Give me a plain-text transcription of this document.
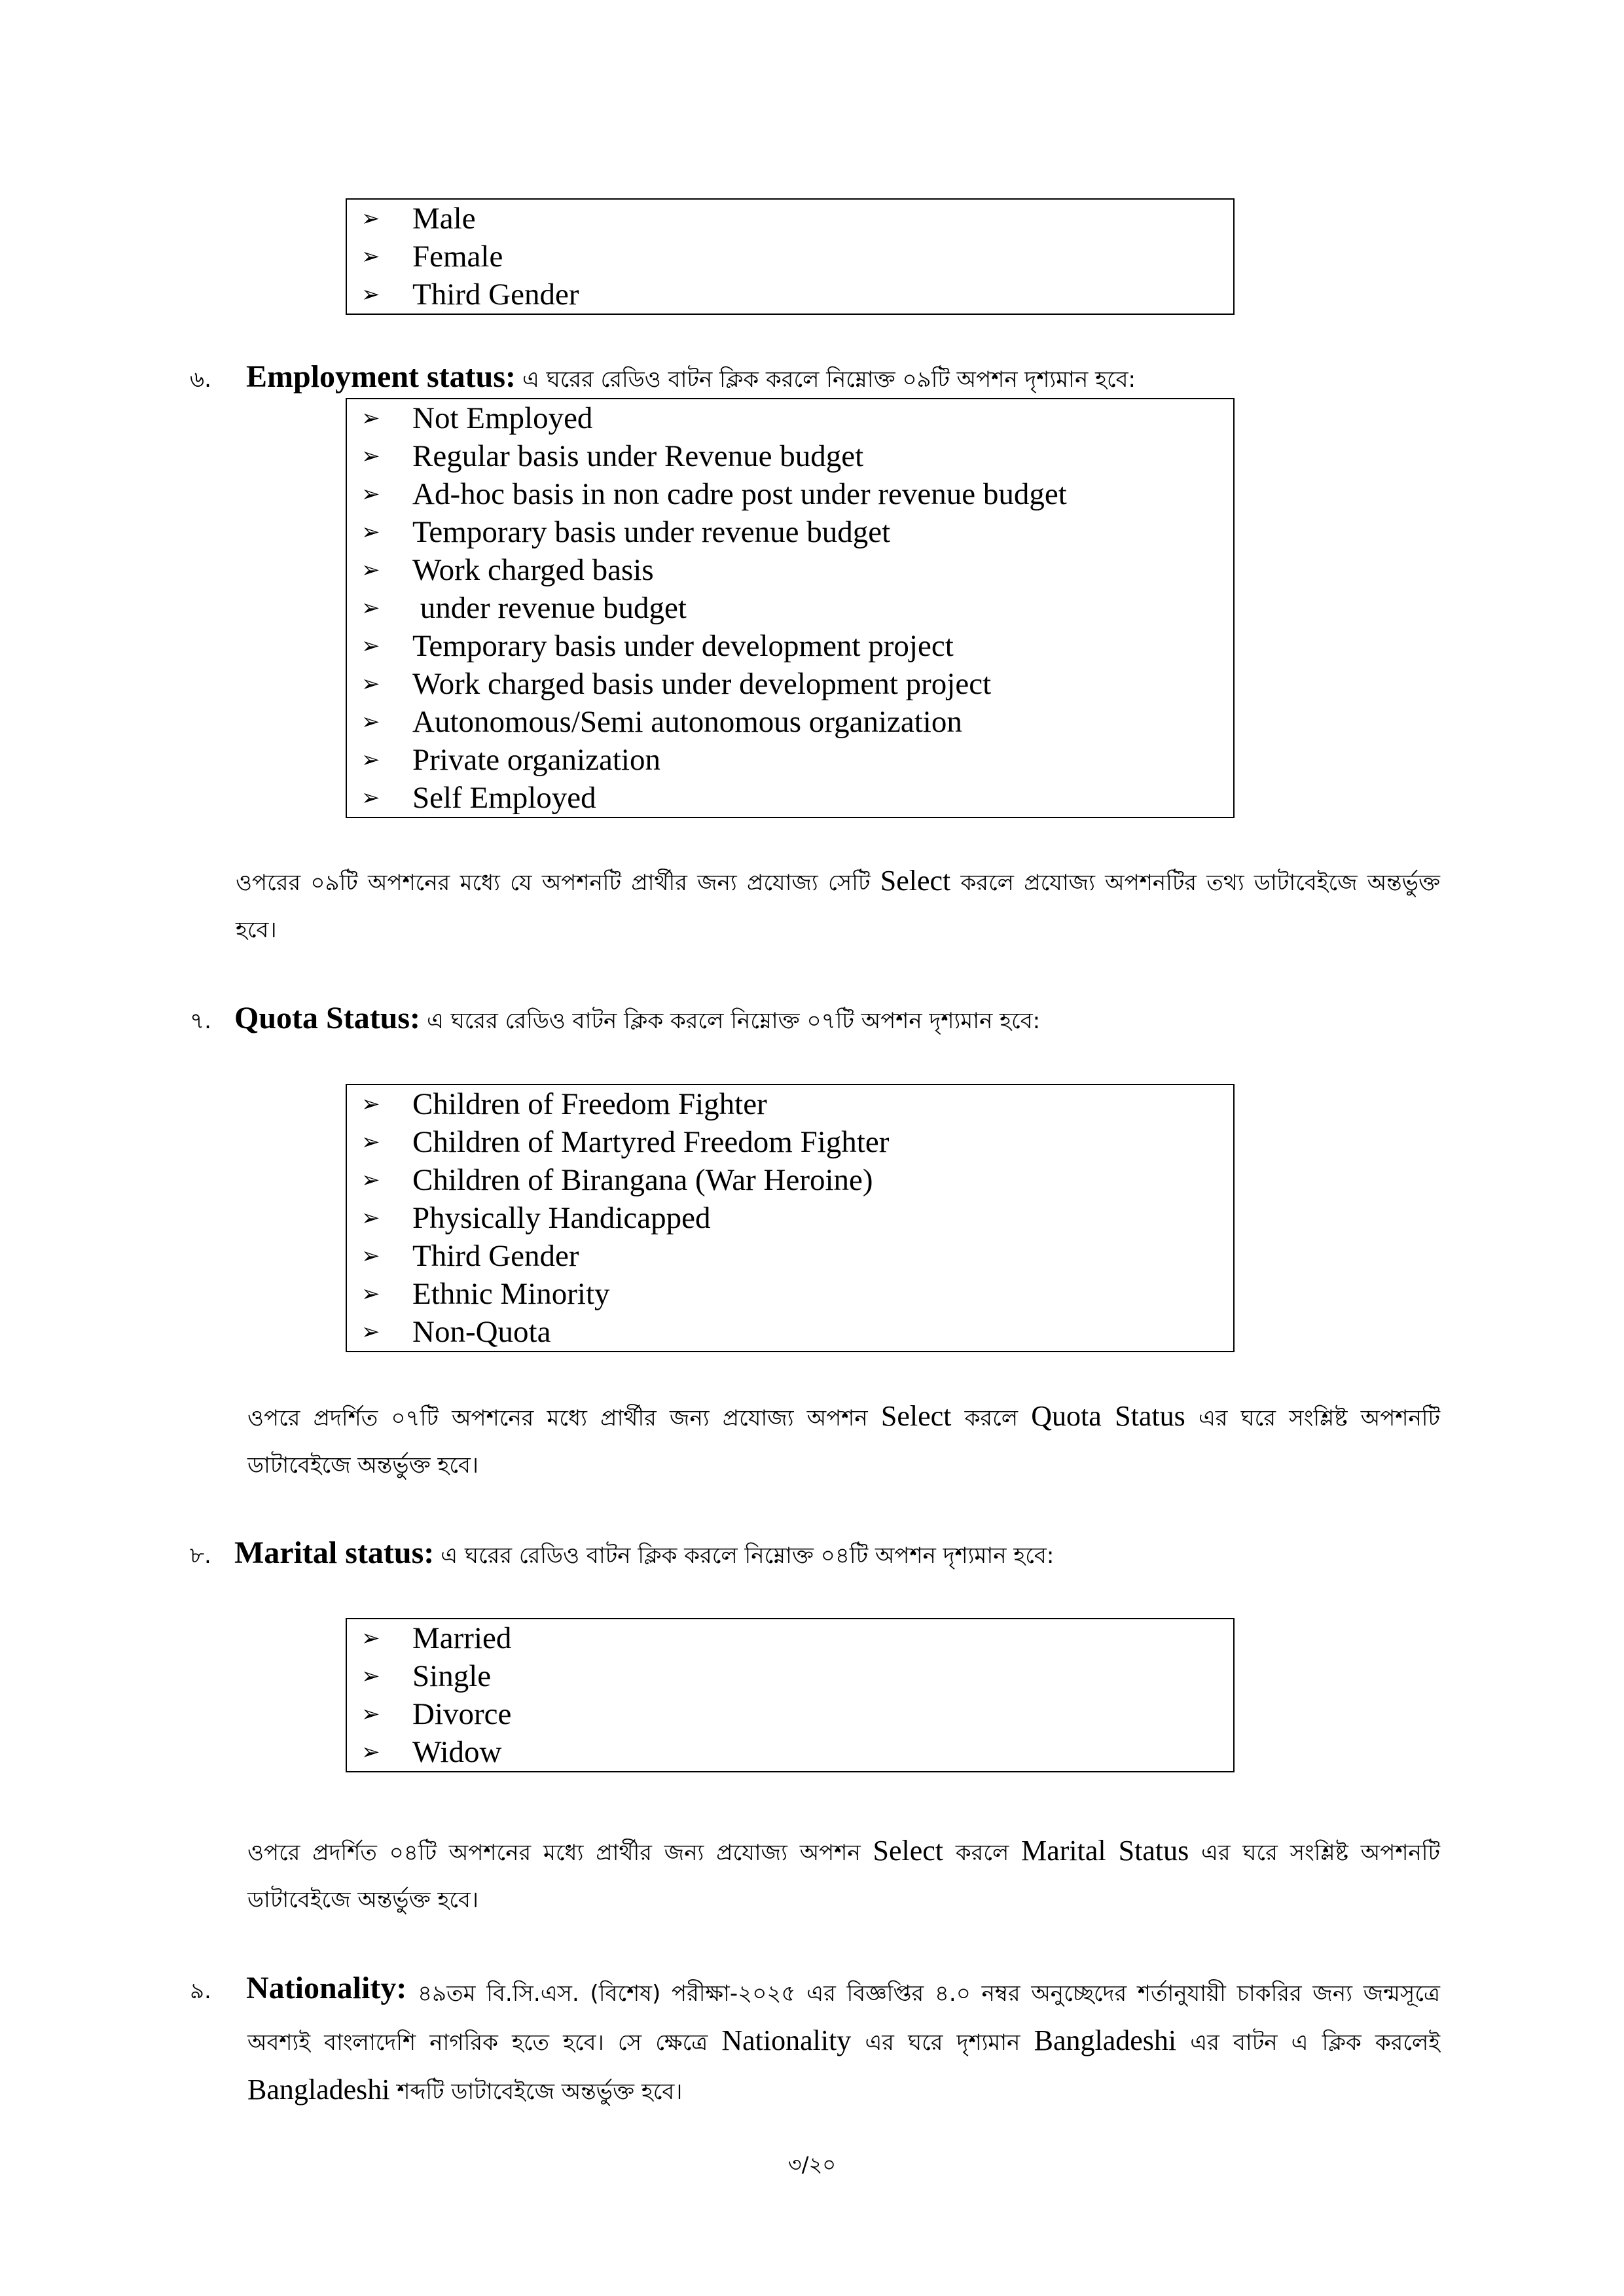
➢ Male
➢ Female
➢ Third Gender
৬. Employment status: এ ঘরের রেডিও বাটন ক্লিক করলে নিম্নোক্ত ০৯টি অপশন দৃশ্যমান হবে:
➢ Not Employed
➢ Regular basis under Revenue budget
➢ Ad-hoc basis in non cadre post under revenue budget
➢ Temporary basis under revenue budget
➢ Work charged basis
➢ under revenue budget
➢ Temporary basis under development project
➢ Work charged basis under development project
➢ Autonomous/Semi autonomous organization
➢ Private organization
➢ Self Employed
ওপরের ০৯টি অপশনের মধ্যে যে অপশনটি প্রার্থীর জন্য প্রযোজ্য সেটি Select করলে প্রযোজ্য অপশনটির তথ্য ডাটাবেইজে অন্তর্ভুক্ত হবে।
৭. Quota Status: এ ঘরের রেডিও বাটন ক্লিক করলে নিম্নোক্ত ০৭টি অপশন দৃশ্যমান হবে:
➢ Children of Freedom Fighter
➢ Children of Martyred Freedom Fighter
➢ Children of Birangana (War Heroine)
➢ Physically Handicapped
➢ Third Gender
➢ Ethnic Minority
➢ Non-Quota
ওপরে প্রদর্শিত ০৭টি অপশনের মধ্যে প্রার্থীর জন্য প্রযোজ্য অপশন Select করলে Quota Status এর ঘরে সংশ্লিষ্ট অপশনটি ডাটাবেইজে অন্তর্ভুক্ত হবে।
৮. Marital status: এ ঘরের রেডিও বাটন ক্লিক করলে নিম্নোক্ত ০৪টি অপশন দৃশ্যমান হবে:
➢ Married
➢ Single
➢ Divorce
➢ Widow
ওপরে প্রদর্শিত ০৪টি অপশনের মধ্যে প্রার্থীর জন্য প্রযোজ্য অপশন Select করলে Marital Status এর ঘরে সংশ্লিষ্ট অপশনটি ডাটাবেইজে অন্তর্ভুক্ত হবে।
৯. Nationality: ৪৯তম বি.সি.এস. (বিশেষ) পরীক্ষা-২০২৫ এর বিজ্ঞপ্তির ৪.০ নম্বর অনুচ্ছেদের শর্তানুযায়ী চাকরির জন্য জন্মসূত্রে অবশ্যই বাংলাদেশি নাগরিক হতে হবে। সে ক্ষেত্রে Nationality এর ঘরে দৃশ্যমান Bangladeshi এর বাটন এ ক্লিক করলেই Bangladeshi শব্দটি ডাটাবেইজে অন্তর্ভুক্ত হবে।
৩/২০
